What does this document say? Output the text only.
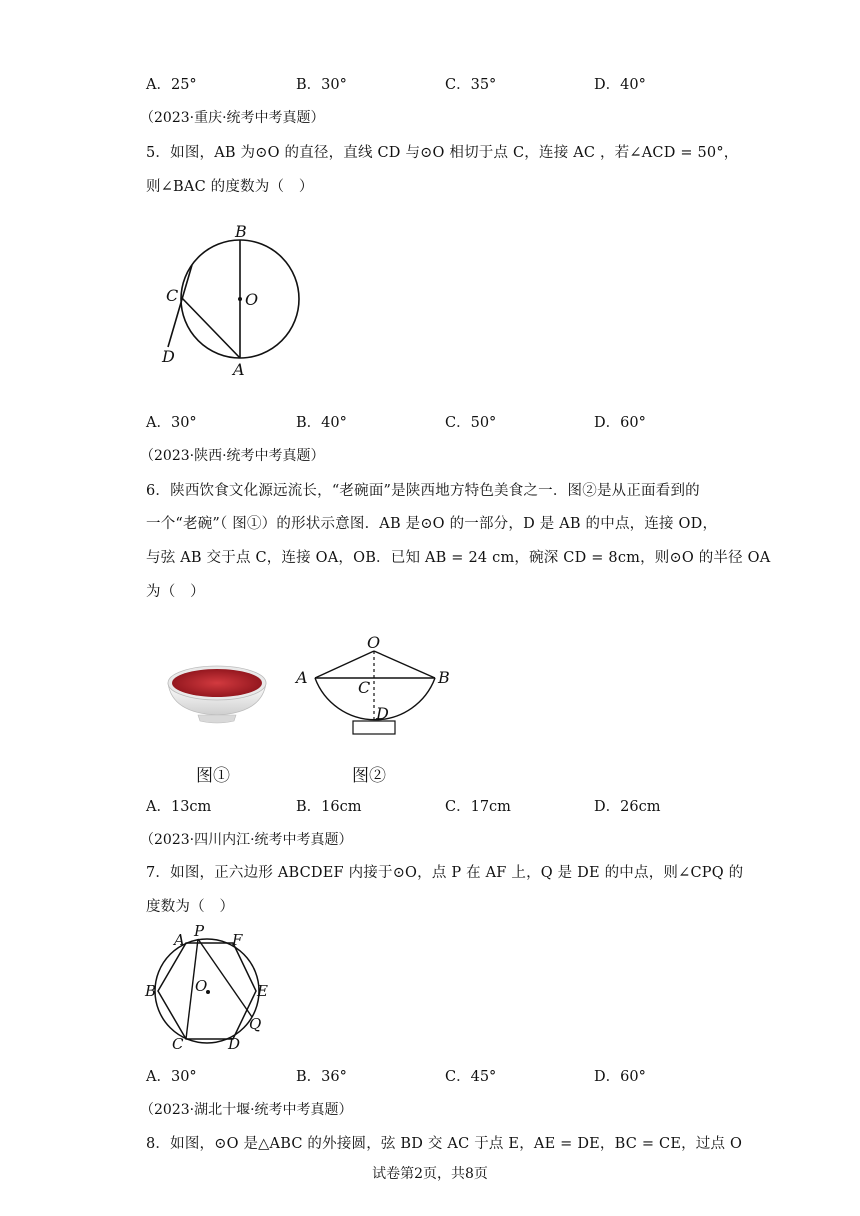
A．25°	B．30°	C．35°	D．40°
（2023·重庆·统考中考真题）
5．如图，AB 为⊙O 的直径，直线 CD 与⊙O 相切于点 C，连接 AC ，若∠ACD = 50°，
则∠BAC 的度数为（　）
B
O
C
D
A
A．30°	B．40°	C．50°	D．60°
（2023·陕西·统考中考真题）
6．陕西饮食文化源远流长，“老碗面”是陕西地方特色美食之一．图②是从正面看到的
一个“老碗”（ 图①）的形状示意图．AB 是⊙O 的一部分，D 是 AB 的中点，连接 OD，
与弦 AB 交于点 C，连接 OA，OB．已知 AB = 24 cm，碗深 CD = 8cm，则⊙O 的半径 OA
为（　）
O
A	B
C
D
图①	图②
A．13cm	B．16cm	C．17cm	D．26cm
（2023·四川内江·统考中考真题）
7．如图，正六边形 ABCDEF 内接于⊙O，点 P 在 AF 上，Q 是 DE 的中点，则∠CPQ 的
度数为（　）
A P F
B	O	E
Q
C	D
A．30°	B．36°	C．45°	D．60°
（2023·湖北十堰·统考中考真题）
8．如图，⊙O 是△ABC 的外接圆，弦 BD 交 AC 于点 E，AE = DE，BC = CE，过点 O
试卷第2页，共8页
